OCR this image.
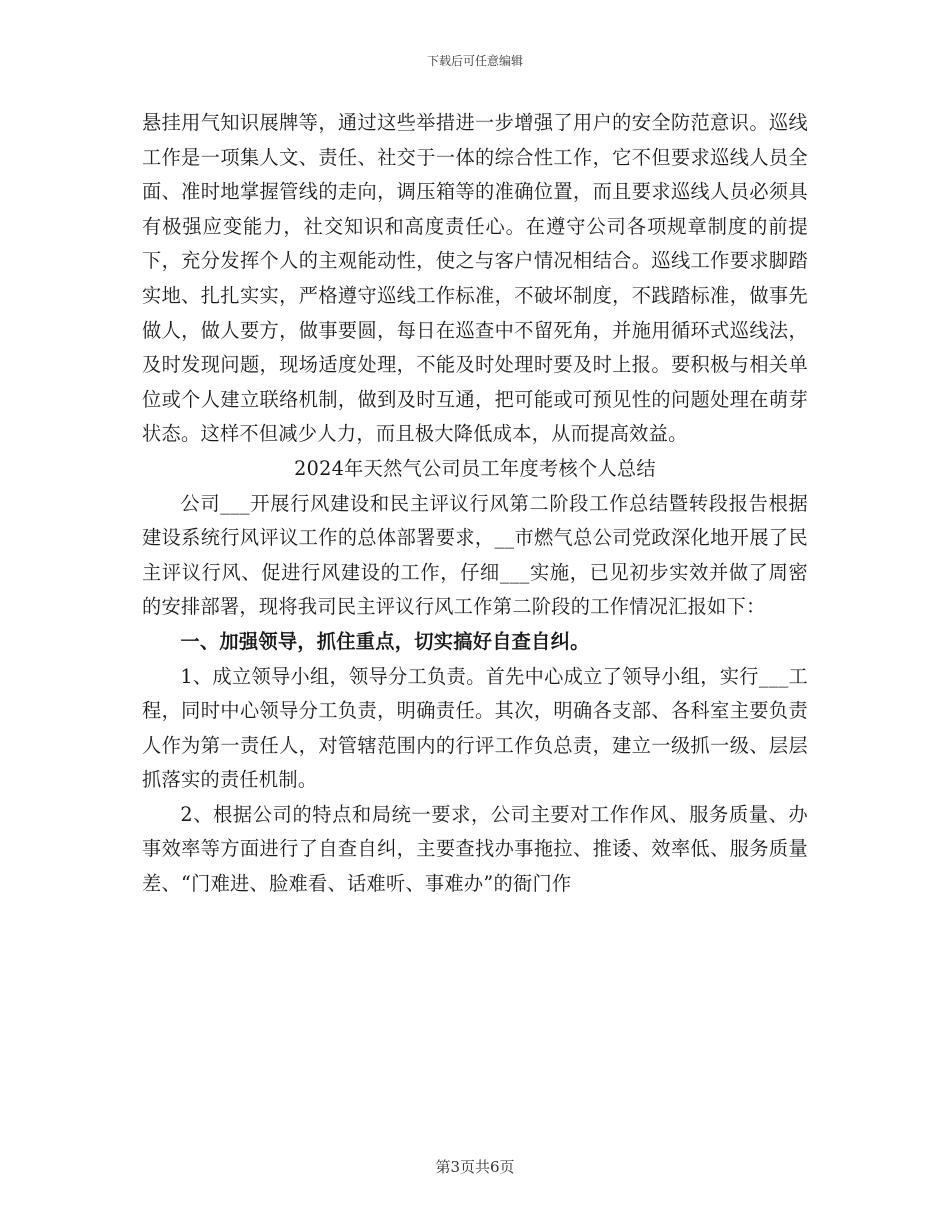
下载后可任意编辑

悬挂用气知识展牌等，通过这些举措进一步增强了用户的安全防范意识。巡线工作是一项集人文、责任、社交于一体的综合性工作，它不但要求巡线人员全面、准时地掌握管线的走向，调压箱等的准确位置，而且要求巡线人员必须具有极强应变能力，社交知识和高度责任心。在遵守公司各项规章制度的前提下，充分发挥个人的主观能动性，使之与客户情况相结合。巡线工作要求脚踏实地、扎扎实实，严格遵守巡线工作标准，不破坏制度，不践踏标准，做事先做人，做人要方，做事要圆，每日在巡查中不留死角，并施用循环式巡线法，及时发现问题，现场适度处理，不能及时处理时要及时上报。要积极与相关单位或个人建立联络机制，做到及时互通，把可能或可预见性的问题处理在萌芽状态。这样不但减少人力，而且极大降低成本，从而提高效益。

2024年天然气公司员工年度考核个人总结

公司___开展行风建设和民主评议行风第二阶段工作总结暨转段报告根据建设系统行风评议工作的总体部署要求，__市燃气总公司党政深化地开展了民主评议行风、促进行风建设的工作，仔细___实施，已见初步实效并做了周密的安排部署，现将我司民主评议行风工作第二阶段的工作情况汇报如下：

一、加强领导，抓住重点，切实搞好自查自纠。

1、成立领导小组，领导分工负责。首先中心成立了领导小组，实行___工程，同时中心领导分工负责，明确责任。其次，明确各支部、各科室主要负责人作为第一责任人，对管辖范围内的行评工作负总责，建立一级抓一级、层层抓落实的责任机制。

2、根据公司的特点和局统一要求，公司主要对工作作风、服务质量、办事效率等方面进行了自查自纠，主要查找办事拖拉、推诿、效率低、服务质量差、“门难进、脸难看、话难听、事难办”的衙门作

第3页共6页
